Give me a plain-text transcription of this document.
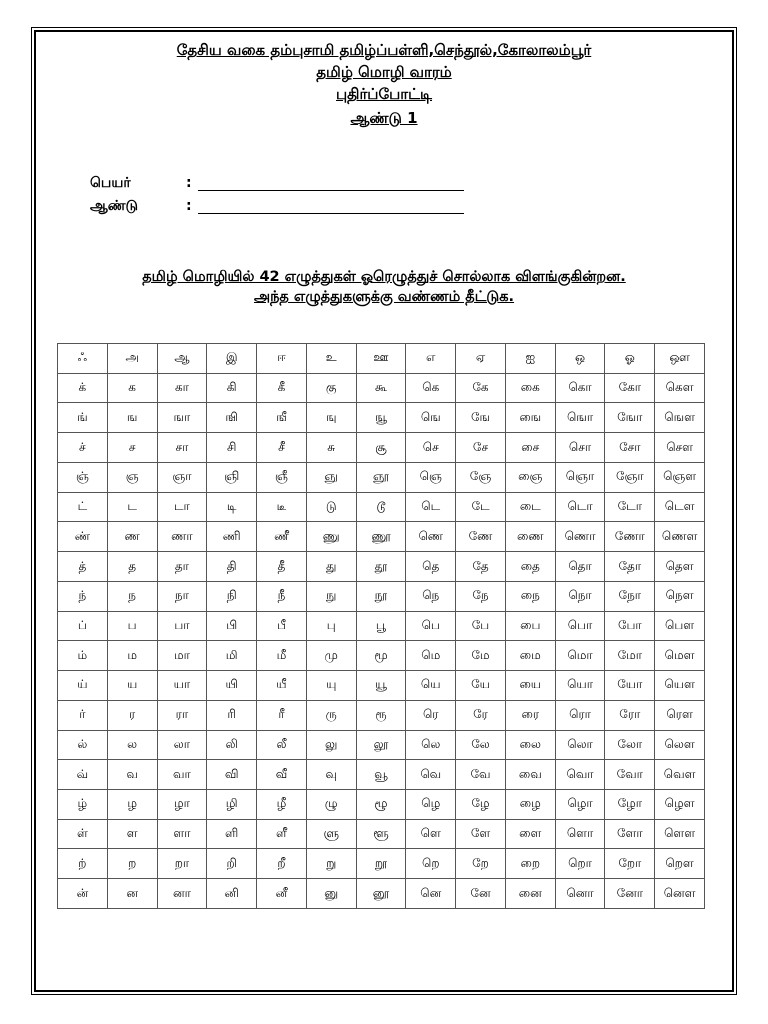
தேசிய வகை தம்புசாமி தமிழ்ப்பள்ளி,செந்தூல்,கோலாலம்பூர்
தமிழ் மொழி வாரம்
புதிர்ப்போட்டி
ஆண்டு 1
பெயர்	:
ஆண்டு	:
தமிழ் மொழியில் 42 எழுத்துகள் ஓரெழுத்துச் சொல்லாக விளங்குகின்றன.
அந்த எழுத்துகளுக்கு வண்ணம் தீட்டுக.
ஃ	அ	ஆ	இ	ஈ	உ	ஊ	எ	ஏ	ஐ	ஒ	ஓ	ஔ
க்	க	கா	கி	கீ	கு	கூ	கெ	கே	கை	கொ	கோ	கௌ
ங்	ங	ஙா	ஙி	ஙீ	ஙு	ஙூ	ஙெ	ஙே	ஙை	ஙொ	ஙோ	ஙௌ
ச்	ச	சா	சி	சீ	சு	சூ	செ	சே	சை	சொ	சோ	சௌ
ஞ்	ஞ	ஞா	ஞி	ஞீ	ஞு	ஞூ	ஞெ	ஞே	ஞை	ஞொ	ஞோ	ஞௌ
ட்	ட	டா	டி	டீ	டு	டூ	டெ	டே	டை	டொ	டோ	டௌ
ண்	ண	ணா	ணி	ணீ	ணு	ணூ	ணெ	ணே	ணை	ணொ	ணோ	ணௌ
த்	த	தா	தி	தீ	து	தூ	தெ	தே	தை	தொ	தோ	தௌ
ந்	ந	நா	நி	நீ	நு	நூ	நெ	நே	நை	நொ	நோ	நௌ
ப்	ப	பா	பி	பீ	பு	பூ	பெ	பே	பை	பொ	போ	பௌ
ம்	ம	மா	மி	மீ	மு	மூ	மெ	மே	மை	மொ	மோ	மௌ
ய்	ய	யா	யி	யீ	யு	யூ	யெ	யே	யை	யொ	யோ	யௌ
ர்	ர	ரா	ரி	ரீ	ரு	ரூ	ரெ	ரே	ரை	ரொ	ரோ	ரௌ
ல்	ல	லா	லி	லீ	லு	லூ	லெ	லே	லை	லொ	லோ	லௌ
வ்	வ	வா	வி	வீ	வு	வூ	வெ	வே	வை	வொ	வோ	வௌ
ழ்	ழ	ழா	ழி	ழீ	ழு	ழூ	ழெ	ழே	ழை	ழொ	ழோ	ழௌ
ள்	ள	ளா	ளி	ளீ	ளு	ளூ	ளெ	ளே	ளை	ளொ	ளோ	ளௌ
ற்	ற	றா	றி	றீ	று	றூ	றெ	றே	றை	றொ	றோ	றௌ
ன்	ன	னா	னி	னீ	னு	னூ	னெ	னே	னை	னொ	னோ	னௌ
